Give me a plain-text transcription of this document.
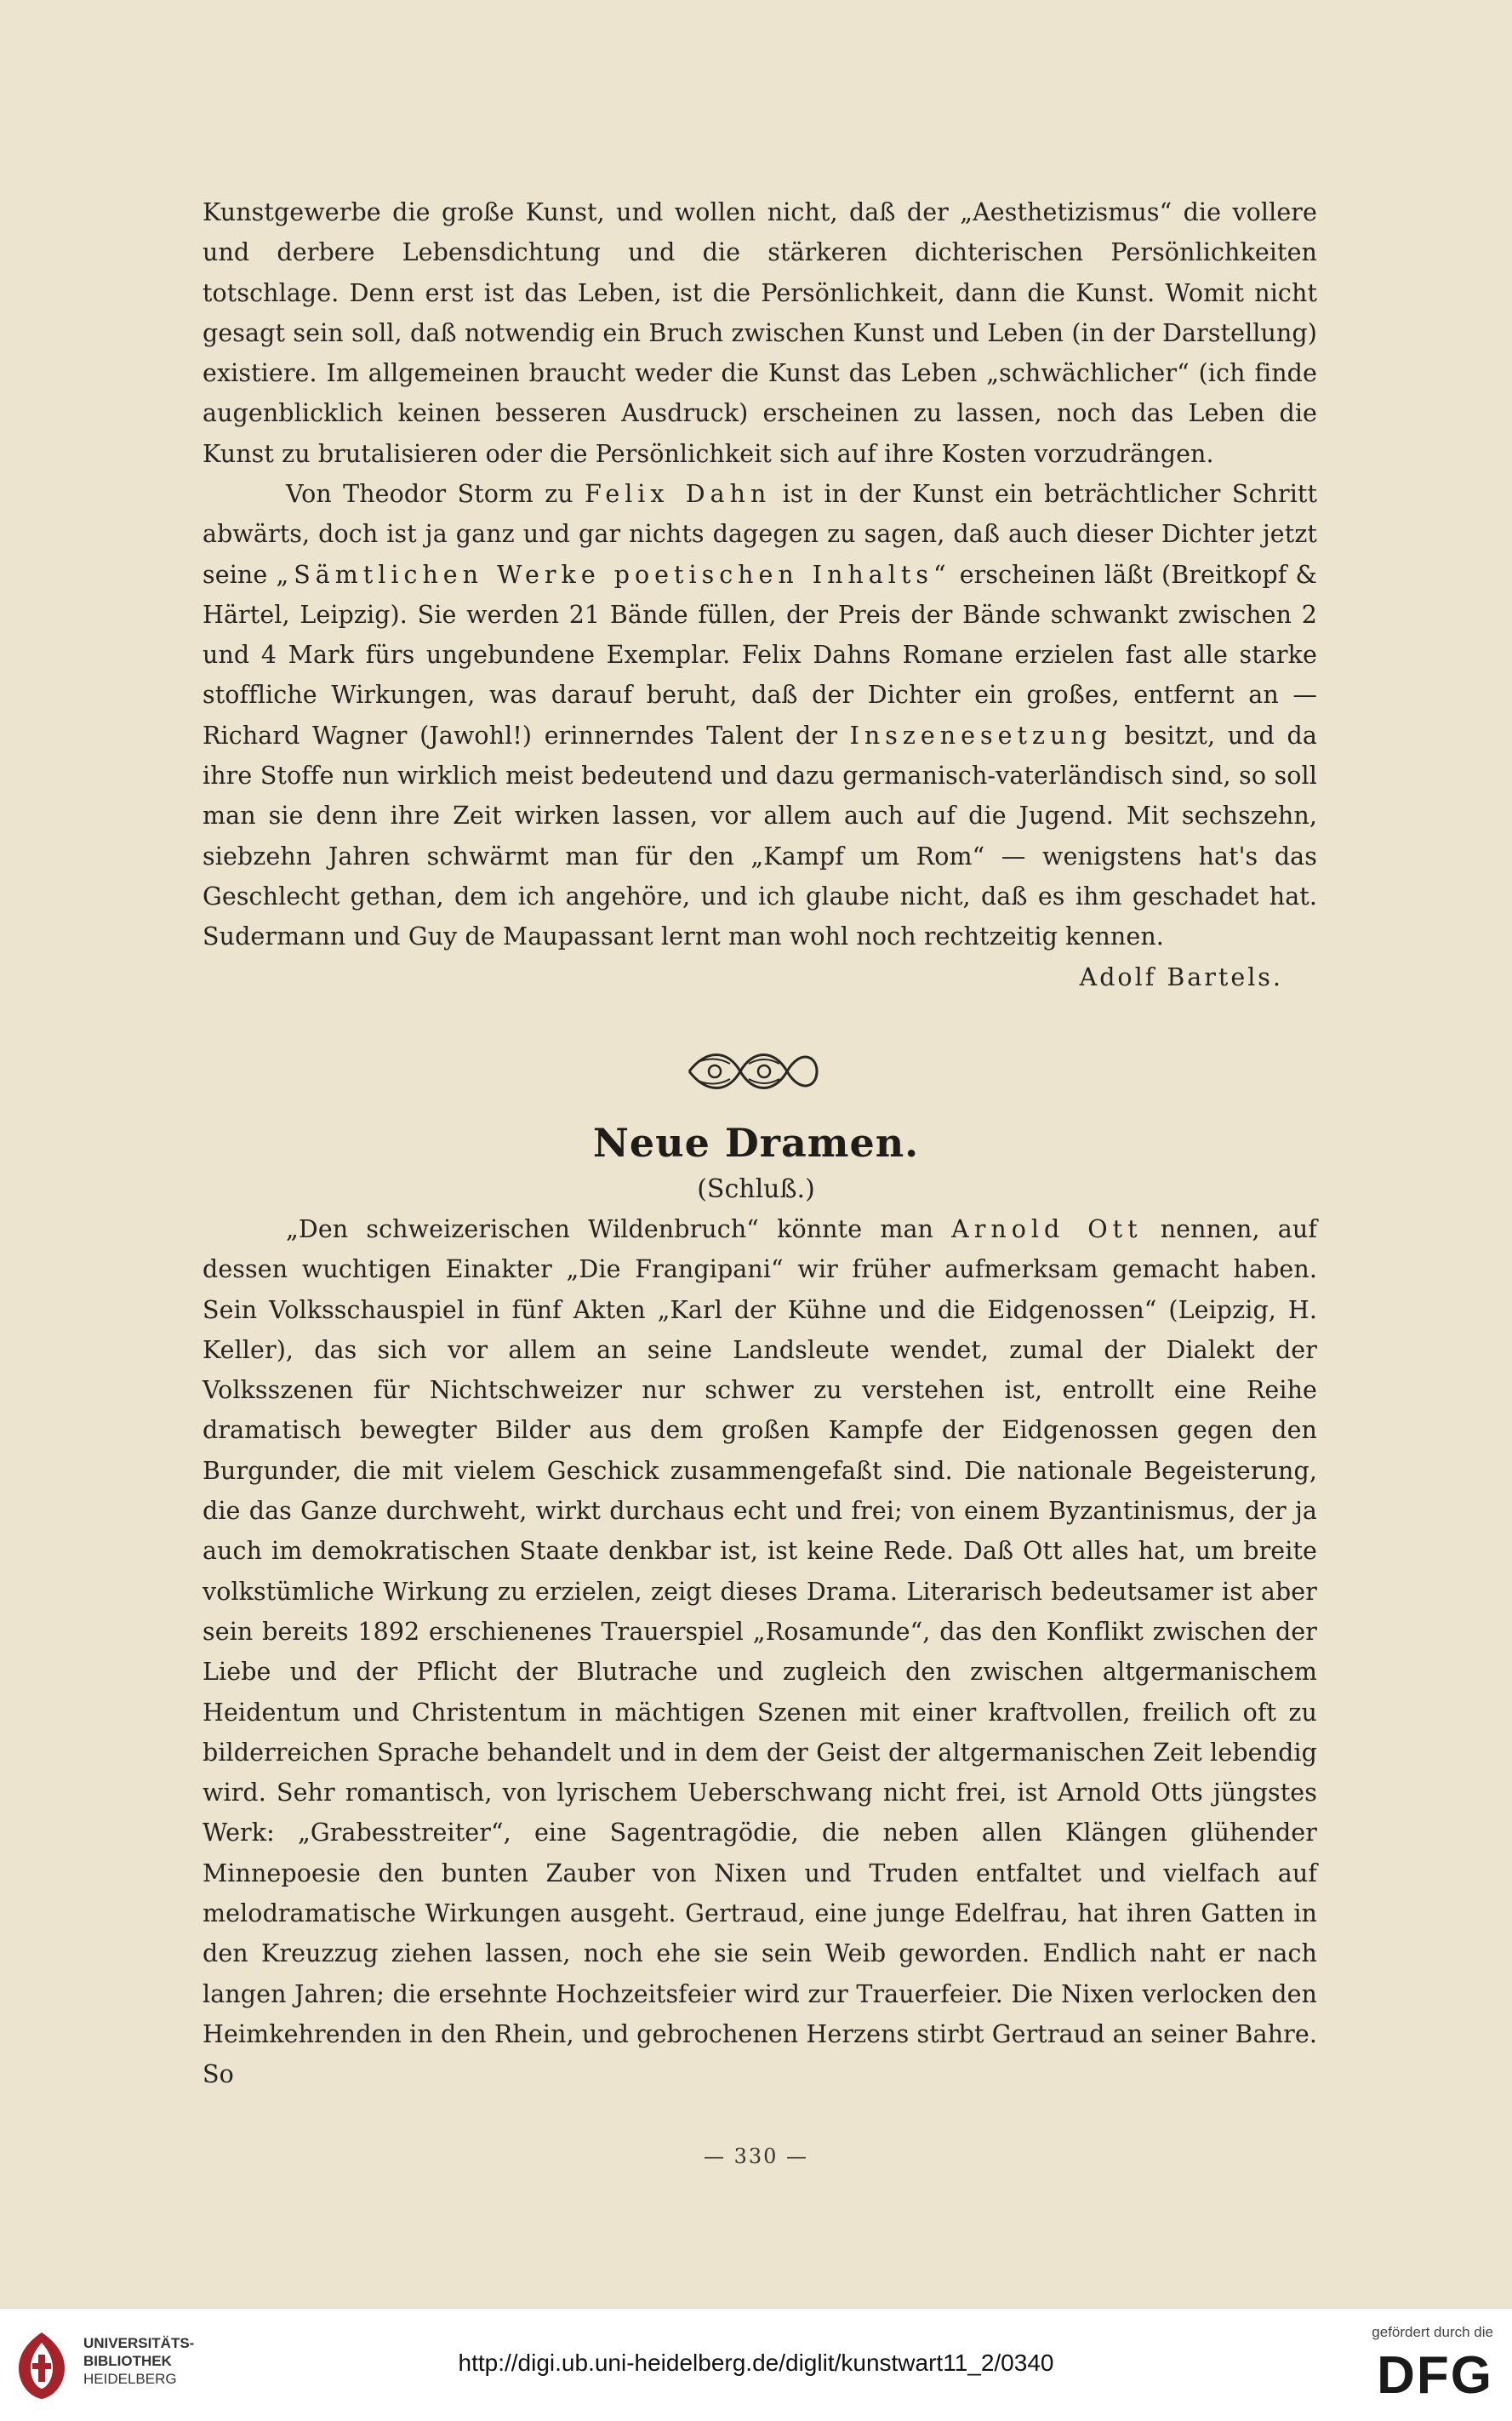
Kunstgewerbe die große Kunst, und wollen nicht, daß der „Aesthetizismus“ die vollere und derbere Lebensdichtung und die stärkeren dichterischen Persönlichkeiten totschlage. Denn erst ist das Leben, ist die Persönlichkeit, dann die Kunst. Womit nicht gesagt sein soll, daß notwendig ein Bruch zwischen Kunst und Leben (in der Darstellung) existiere. Im allgemeinen braucht weder die Kunst das Leben „schwächlicher“ (ich finde augenblicklich keinen besseren Ausdruck) erscheinen zu lassen, noch das Leben die Kunst zu brutalisieren oder die Persönlichkeit sich auf ihre Kosten vorzudrängen.

Von Theodor Storm zu Felix Dahn ist in der Kunst ein beträchtlicher Schritt abwärts, doch ist ja ganz und gar nichts dagegen zu sagen, daß auch dieser Dichter jetzt seine „Sämtlichen Werke poetischen Inhalts“ erscheinen läßt (Breitkopf & Härtel, Leipzig). Sie werden 21 Bände füllen, der Preis der Bände schwankt zwischen 2 und 4 Mark fürs ungebundene Exemplar. Felix Dahns Romane erzielen fast alle starke stoffliche Wirkungen, was darauf beruht, daß der Dichter ein großes, entfernt an — Richard Wagner (Jawohl!) erinnerndes Talent der Inszenesetzung besitzt, und da ihre Stoffe nun wirklich meist bedeutend und dazu germanisch-vaterländisch sind, so soll man sie denn ihre Zeit wirken lassen, vor allem auch auf die Jugend. Mit sechszehn, siebzehn Jahren schwärmt man für den „Kampf um Rom“ — wenigstens hat's das Geschlecht gethan, dem ich angehöre, und ich glaube nicht, daß es ihm geschadet hat. Sudermann und Guy de Maupassant lernt man wohl noch rechtzeitig kennen.
Adolf Bartels.

„Den schweizerischen Wildenbruch“ könnte man Arnold Ott nennen, auf dessen wuchtigen Einakter „Die Frangipani“ wir früher aufmerksam gemacht haben. Sein Volksschauspiel in fünf Akten „Karl der Kühne und die Eidgenossen“ (Leipzig, H. Keller), das sich vor allem an seine Landsleute wendet, zumal der Dialekt der Volksszenen für Nichtschweizer nur schwer zu verstehen ist, entrollt eine Reihe dramatisch bewegter Bilder aus dem großen Kampfe der Eidgenossen gegen den Burgunder, die mit vielem Geschick zusammengefaßt sind. Die nationale Begeisterung, die das Ganze durchweht, wirkt durchaus echt und frei; von einem Byzantinismus, der ja auch im demokratischen Staate denkbar ist, ist keine Rede. Daß Ott alles hat, um breite volkstümliche Wirkung zu erzielen, zeigt dieses Drama. Literarisch bedeutsamer ist aber sein bereits 1892 erschienenes Trauerspiel „Rosamunde“, das den Konflikt zwischen der Liebe und der Pflicht der Blutrache und zugleich den zwischen altgermanischem Heidentum und Christentum in mächtigen Szenen mit einer kraftvollen, freilich oft zu bilderreichen Sprache behandelt und in dem der Geist der altgermanischen Zeit lebendig wird. Sehr romantisch, von lyrischem Ueberschwang nicht frei, ist Arnold Otts jüngstes Werk: „Grabesstreiter“, eine Sagentragödie, die neben allen Klängen glühender Minnepoesie den bunten Zauber von Nixen und Truden entfaltet und vielfach auf melodramatische Wirkungen ausgeht. Gertraud, eine junge Edelfrau, hat ihren Gatten in den Kreuzzug ziehen lassen, noch ehe sie sein Weib geworden. Endlich naht er nach langen Jahren; die ersehnte Hochzeitsfeier wird zur Trauerfeier. Die Nixen verlocken den Heimkehrenden in den Rhein, und gebrochenen Herzens stirbt Gertraud an seiner Bahre. So

Neue Dramen.
(Schluß.)
— 330 —
UNIVERSITÄTS-
BIBLIOTHEK
HEIDELBERG
http://digi.ub.uni-heidelberg.de/diglit/kunstwart11_2/0340
gefördert durch die
DFG
